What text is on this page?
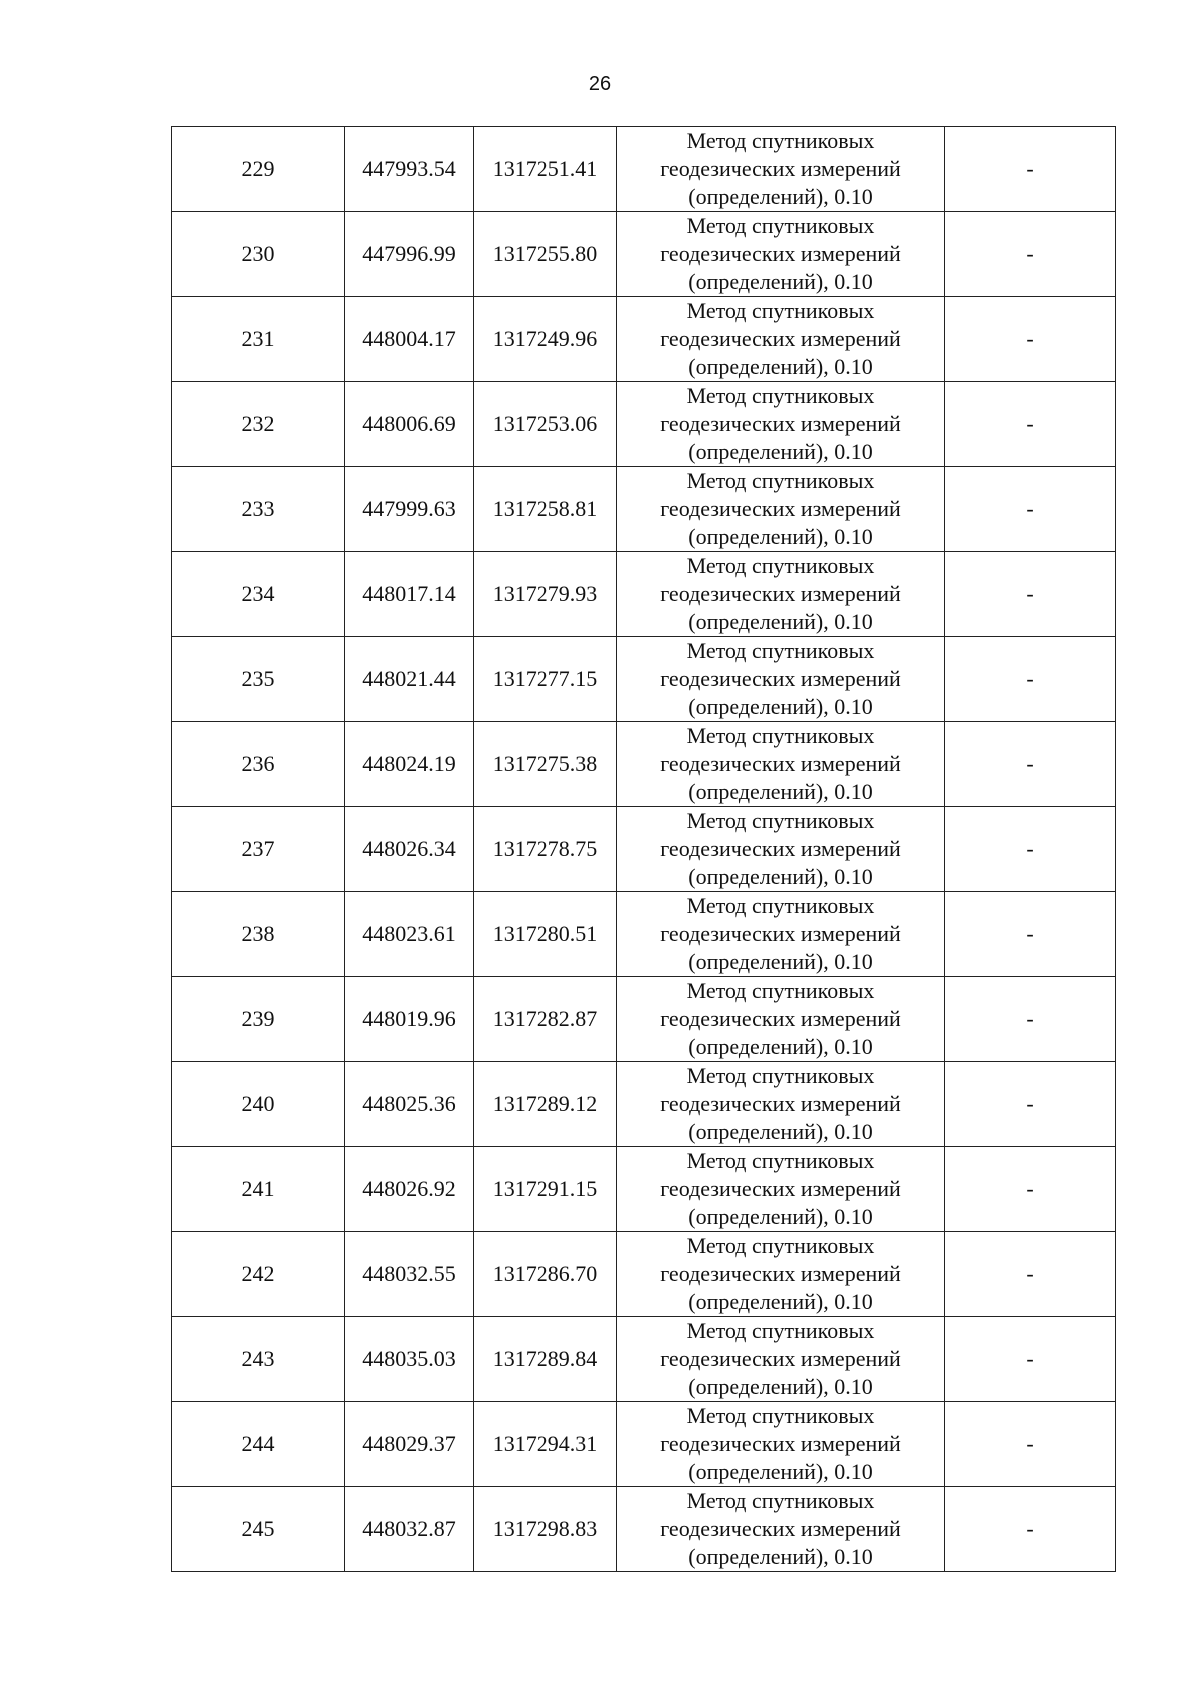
26
229	447993.54	1317251.41	Метод спутниковых
геодезических измерений
(определений), 0.10	-
230	447996.99	1317255.80	Метод спутниковых
геодезических измерений
(определений), 0.10	-
231	448004.17	1317249.96	Метод спутниковых
геодезических измерений
(определений), 0.10	-
232	448006.69	1317253.06	Метод спутниковых
геодезических измерений
(определений), 0.10	-
233	447999.63	1317258.81	Метод спутниковых
геодезических измерений
(определений), 0.10	-
234	448017.14	1317279.93	Метод спутниковых
геодезических измерений
(определений), 0.10	-
235	448021.44	1317277.15	Метод спутниковых
геодезических измерений
(определений), 0.10	-
236	448024.19	1317275.38	Метод спутниковых
геодезических измерений
(определений), 0.10	-
237	448026.34	1317278.75	Метод спутниковых
геодезических измерений
(определений), 0.10	-
238	448023.61	1317280.51	Метод спутниковых
геодезических измерений
(определений), 0.10	-
239	448019.96	1317282.87	Метод спутниковых
геодезических измерений
(определений), 0.10	-
240	448025.36	1317289.12	Метод спутниковых
геодезических измерений
(определений), 0.10	-
241	448026.92	1317291.15	Метод спутниковых
геодезических измерений
(определений), 0.10	-
242	448032.55	1317286.70	Метод спутниковых
геодезических измерений
(определений), 0.10	-
243	448035.03	1317289.84	Метод спутниковых
геодезических измерений
(определений), 0.10	-
244	448029.37	1317294.31	Метод спутниковых
геодезических измерений
(определений), 0.10	-
245	448032.87	1317298.83	Метод спутниковых
геодезических измерений
(определений), 0.10	-
